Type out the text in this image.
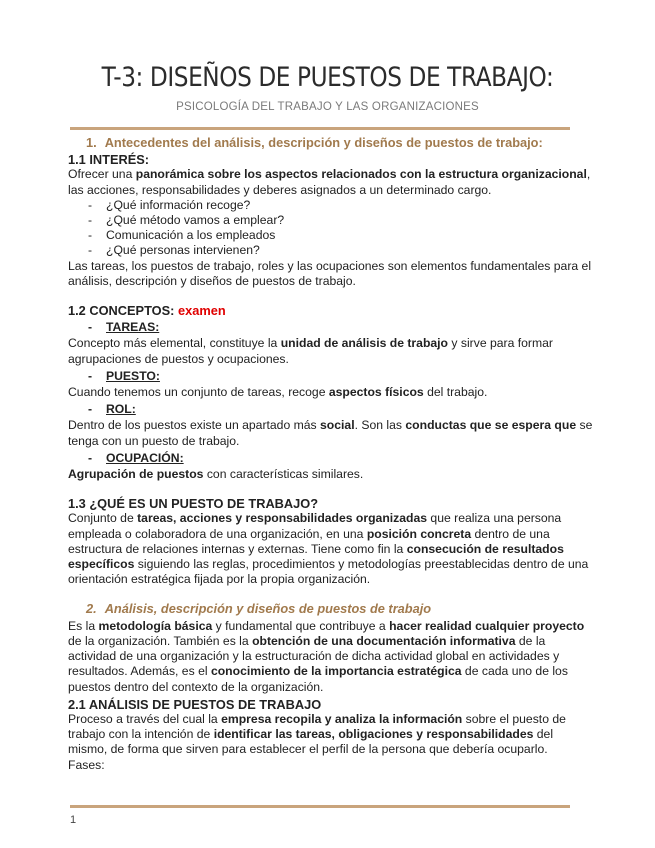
T-3: DISEÑOS DE PUESTOS DE TRABAJO:
PSICOLOGÍA DEL TRABAJO Y LAS ORGANIZACIONES
1. Antecedentes del análisis, descripción y diseños de puestos de trabajo:
1.1 INTERÉS:

Ofrecer una panorámica sobre los aspectos relacionados con la estructura organizacional, las acciones, responsabilidades y deberes asignados a un determinado cargo.

- ¿Qué información recoge?
- ¿Qué método vamos a emplear?
- Comunicación a los empleados
- ¿Qué personas intervienen?

Las tareas, los puestos de trabajo, roles y las ocupaciones son elementos fundamentales para el análisis, descripción y diseños de puestos de trabajo.

1.2 CONCEPTOS: examen
- TAREAS:

Concepto más elemental, constituye la unidad de análisis de trabajo y sirve para formar agrupaciones de puestos y ocupaciones.

- PUESTO:

Cuando tenemos un conjunto de tareas, recoge aspectos físicos del trabajo.

- ROL:

Dentro de los puestos existe un apartado más social. Son las conductas que se espera que se tenga con un puesto de trabajo.

- OCUPACIÓN:

Agrupación de puestos con características similares.

1.3 ¿QUÉ ES UN PUESTO DE TRABAJO?

Conjunto de tareas, acciones y responsabilidades organizadas que realiza una persona empleada o colaboradora de una organización, en una posición concreta dentro de una estructura de relaciones internas y externas. Tiene como fin la consecución de resultados específicos siguiendo las reglas, procedimientos y metodologías preestablecidas dentro de una orientación estratégica fijada por la propia organización.

2. Análisis, descripción y diseños de puestos de trabajo

Es la metodología básica y fundamental que contribuye a hacer realidad cualquier proyecto de la organización. También es la obtención de una documentación informativa de la actividad de una organización y la estructuración de dicha actividad global en actividades y resultados. Además, es el conocimiento de la importancia estratégica de cada uno de los puestos dentro del contexto de la organización.

2.1 ANÁLISIS DE PUESTOS DE TRABAJO

Proceso a través del cual la empresa recopila y analiza la información sobre el puesto de trabajo con la intención de identificar las tareas, obligaciones y responsabilidades del mismo, de forma que sirven para establecer el perfil de la persona que debería ocuparlo.

Fases:

1
